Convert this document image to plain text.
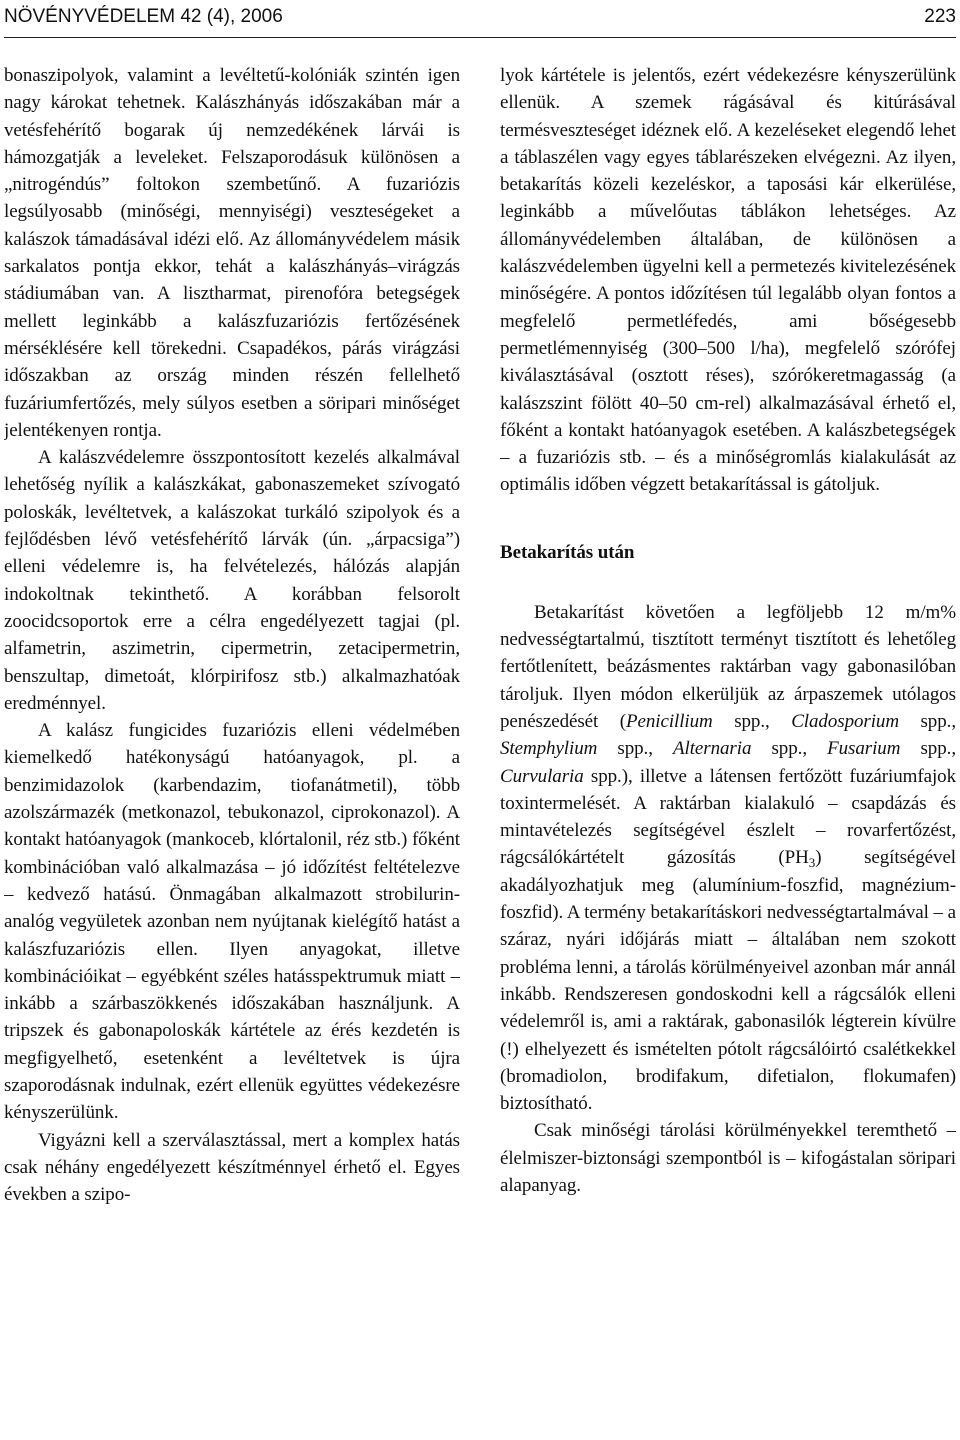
NÖVÉNYVÉDELEM 42 (4), 2006	223

bonaszipolyok, valamint a levéltetű-kolóniák szintén igen nagy károkat tehetnek. Kalászhányás időszakában már a vetésfehérítő bogarak új nemzedékének lárvái is hámozgatják a leveleket. Felszaporodásuk különösen a „nitrogéndús” foltokon szembetűnő. A fuzariózis legsúlyosabb (minőségi, mennyiségi) veszteségeket a kalászok támadásával idézi elő. Az állományvédelem másik sarkalatos pontja ekkor, tehát a kalászhányás–virágzás stádiumában van. A lisztharmat, pirenofóra betegségek mellett leginkább a kalászfuzariózis fertőzésének mérséklésére kell törekedni. Csapadékos, párás virágzási időszakban az ország minden részén fellelhető fuzáriumfertőzés, mely súlyos esetben a söripari minőséget jelentékenyen rontja.

A kalászvédelemre összpontosított kezelés alkalmával lehetőség nyílik a kalászkákat, gabonaszemeket szívogató poloskák, levéltetvek, a kalászokat turkáló szipolyok és a fejlődésben lévő vetésfehérítő lárvák (ún. „árpacsiga”) elleni védelemre is, ha felvételezés, hálózás alapján indokoltnak tekinthető. A korábban felsorolt zoocidcsoportok erre a célra engedélyezett tagjai (pl. alfametrin, aszimetrin, cipermetrin, zetacipermetrin, benszultap, dimetoát, klórpirifosz stb.) alkalmazhatóak eredménnyel.

A kalász fungicides fuzariózis elleni védelmében kiemelkedő hatékonyságú hatóanyagok, pl. a benzimidazolok (karbendazim, tiofanátmetil), több azolszármazék (metkonazol, tebukonazol, ciprokonazol). A kontakt hatóanyagok (mankoceb, klórtalonil, réz stb.) főként kombinációban való alkalmazása – jó időzítést feltételezve – kedvező hatású. Önmagában alkalmazott strobilurin-analóg vegyületek azonban nem nyújtanak kielégítő hatást a kalászfuzariózis ellen. Ilyen anyagokat, illetve kombinációikat – egyébként széles hatásspektrumuk miatt – inkább a szárbaszökkenés időszakában használjunk. A tripszek és gabonapoloskák kártétele az érés kezdetén is megfigyelhető, esetenként a levéltetvek is újra szaporodásnak indulnak, ezért ellenük együttes védekezésre kényszerülünk.

Vigyázni kell a szerválasztással, mert a komplex hatás csak néhány engedélyezett készítménnyel érhető el. Egyes években a szipo-

lyok kártétele is jelentős, ezért védekezésre kényszerülünk ellenük. A szemek rágásával és kitúrásával termésveszteséget idéznek elő. A kezeléseket elegendő lehet a táblaszélen vagy egyes táblarészeken elvégezni. Az ilyen, betakarítás közeli kezeléskor, a taposási kár elkerülése, leginkább a művelőutas táblákon lehetséges. Az állományvédelemben általában, de különösen a kalászvédelemben ügyelni kell a permetezés kivitelezésének minőségére. A pontos időzítésen túl legalább olyan fontos a megfelelő permetléfedés, ami bőségesebb permetlémennyiség (300–500 l/ha), megfelelő szórófej kiválasztásával (osztott réses), szórókeretmagasság (a kalászszint fölött 40–50 cm-rel) alkalmazásával érhető el, főként a kontakt hatóanyagok esetében. A kalászbetegségek – a fuzariózis stb. – és a minőségromlás kialakulását az optimális időben végzett betakarítással is gátoljuk.

Betakarítás után

Betakarítást követően a legföljebb 12 m/m% nedvességtartalmú, tisztított terményt tisztított és lehetőleg fertőtlenített, beázásmentes raktárban vagy gabonasilóban tároljuk. Ilyen módon elkerüljük az árpaszemek utólagos penészedését (Penicillium spp., Cladosporium spp., Stemphylium spp., Alternaria spp., Fusarium spp., Curvularia spp.), illetve a látensen fertőzött fuzáriumfajok toxintermelését. A raktárban kialakuló – csapdázás és mintavételezés segítségével észlelt – rovarfertőzést, rágcsálókártételt gázosítás $(PH_3)$ segítségével akadályozhatjuk meg (alumínium-foszfid, magnézium-foszfid). A termény betakarításkori nedvességtartalmával – a száraz, nyári időjárás miatt – általában nem szokott probléma lenni, a tárolás körülményeivel azonban már annál inkább. Rendszeresen gondoskodni kell a rágcsálók elleni védelemről is, ami a raktárak, gabonasilók légterein kívülre (!) elhelyezett és ismételten pótolt rágcsálóirtó csalétkekkel (bromadiolon, brodifakum, difetialon, flokumafen) biztosítható.

Csak minőségi tárolási körülményekkel teremthető – élelmiszer-biztonsági szempontból is – kifogástalan söripari alapanyag.
